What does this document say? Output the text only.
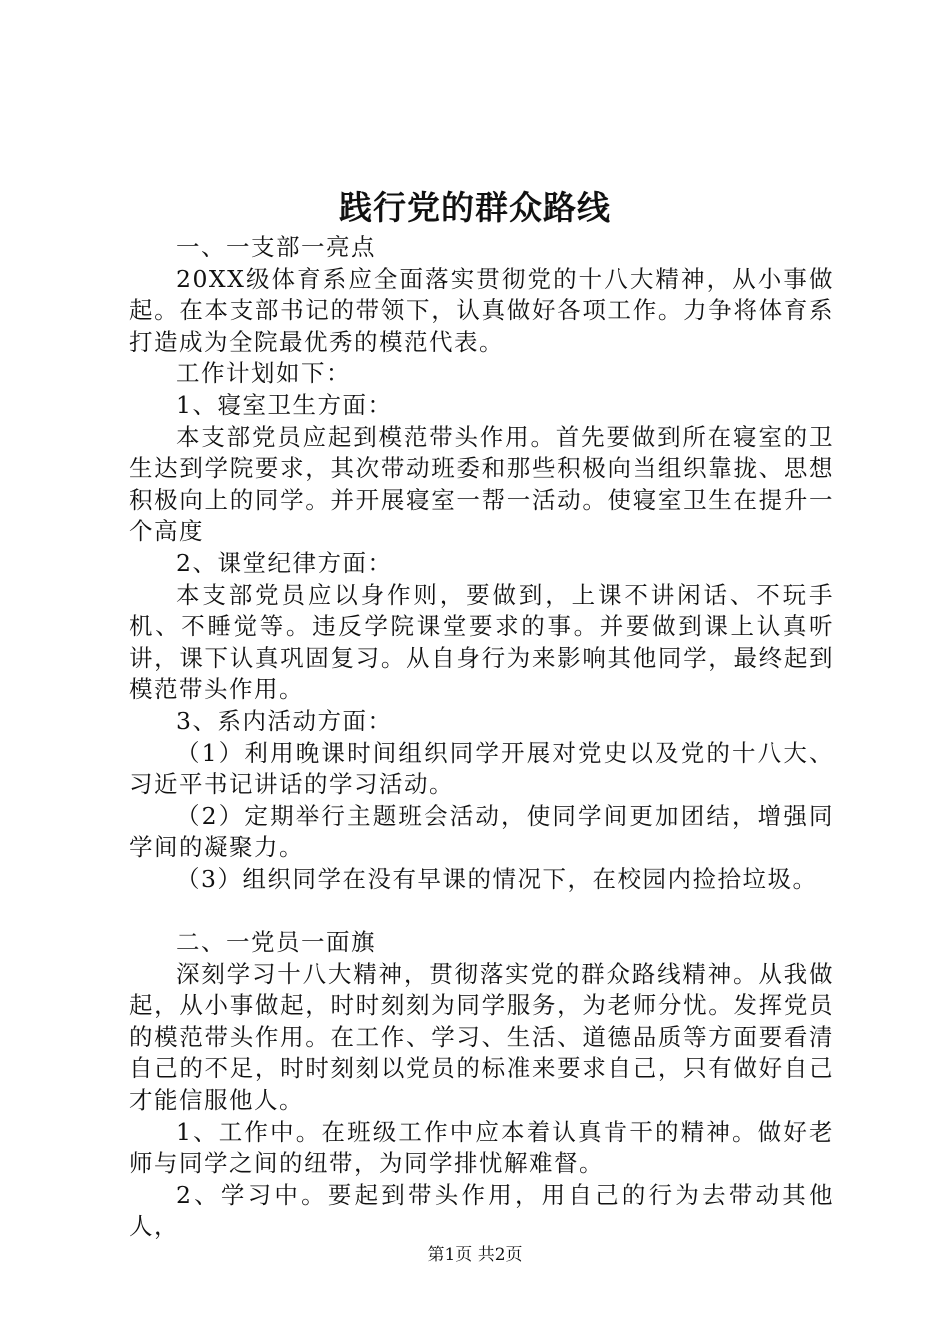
践行党的群众路线

一、一支部一亮点

20XX级体育系应全面落实贯彻党的十八大精神，从小事做起。在本支部书记的带领下，认真做好各项工作。力争将体育系打造成为全院最优秀的模范代表。

工作计划如下：

1、寝室卫生方面：

本支部党员应起到模范带头作用。首先要做到所在寝室的卫生达到学院要求，其次带动班委和那些积极向当组织靠拢、思想积极向上的同学。并开展寝室一帮一活动。使寝室卫生在提升一个高度

2、课堂纪律方面：

本支部党员应以身作则，要做到，上课不讲闲话、不玩手机、不睡觉等。违反学院课堂要求的事。并要做到课上认真听讲，课下认真巩固复习。从自身行为来影响其他同学，最终起到模范带头作用。

3、系内活动方面：

（1）利用晚课时间组织同学开展对党史以及党的十八大、习近平书记讲话的学习活动。

（2）定期举行主题班会活动，使同学间更加团结，增强同学间的凝聚力。

（3）组织同学在没有早课的情况下，在校园内捡拾垃圾。

二、一党员一面旗

深刻学习十八大精神，贯彻落实党的群众路线精神。从我做起，从小事做起，时时刻刻为同学服务，为老师分忧。发挥党员的模范带头作用。在工作、学习、生活、道德品质等方面要看清自己的不足，时时刻刻以党员的标准来要求自己，只有做好自己才能信服他人。

1、工作中。在班级工作中应本着认真肯干的精神。做好老师与同学之间的纽带，为同学排忧解难督。

2、学习中。要起到带头作用，用自己的行为去带动其他人，

第1页 共2页
